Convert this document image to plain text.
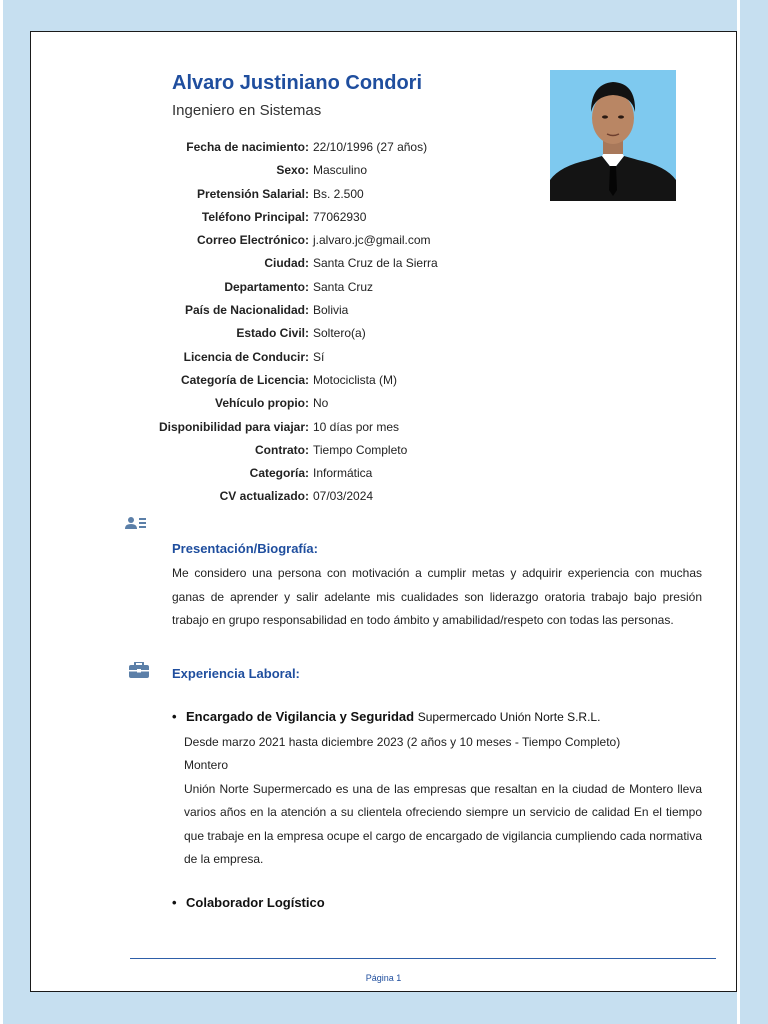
Alvaro Justiniano Condori
Ingeniero en Sistemas
Fecha de nacimiento: 22/10/1996 (27 años)
Sexo: Masculino
Pretensión Salarial: Bs. 2.500
Teléfono Principal: 77062930
Correo Electrónico: j.alvaro.jc@gmail.com
Ciudad: Santa Cruz de la Sierra
Departamento: Santa Cruz
País de Nacionalidad: Bolivia
Estado Civil: Soltero(a)
Licencia de Conducir: Sí
Categoría de Licencia: Motociclista (M)
Vehículo propio: No
Disponibilidad para viajar: 10 días por mes
Contrato: Tiempo Completo
Categoría: Informática
CV actualizado: 07/03/2024
Presentación/Biografía:

Me considero una persona con motivación a cumplir metas y adquirir experiencia con muchas ganas de aprender y salir adelante mis cualidades son liderazgo oratoria trabajo bajo presión trabajo en grupo responsabilidad en todo ámbito y amabilidad/respeto con todas las personas.

Experiencia Laboral:
• Encargado de Vigilancia y Seguridad Supermercado Unión Norte S.R.L.
Desde marzo 2021 hasta diciembre 2023 (2 años y 10 meses - Tiempo Completo)
Montero
Unión Norte Supermercado es una de las empresas que resaltan en la ciudad de Montero lleva varios años en la atención a su clientela ofreciendo siempre un servicio de calidad En el tiempo que trabaje en la empresa ocupe el cargo de encargado de vigilancia cumpliendo cada normativa de la empresa.
• Colaborador Logístico
Página 1
